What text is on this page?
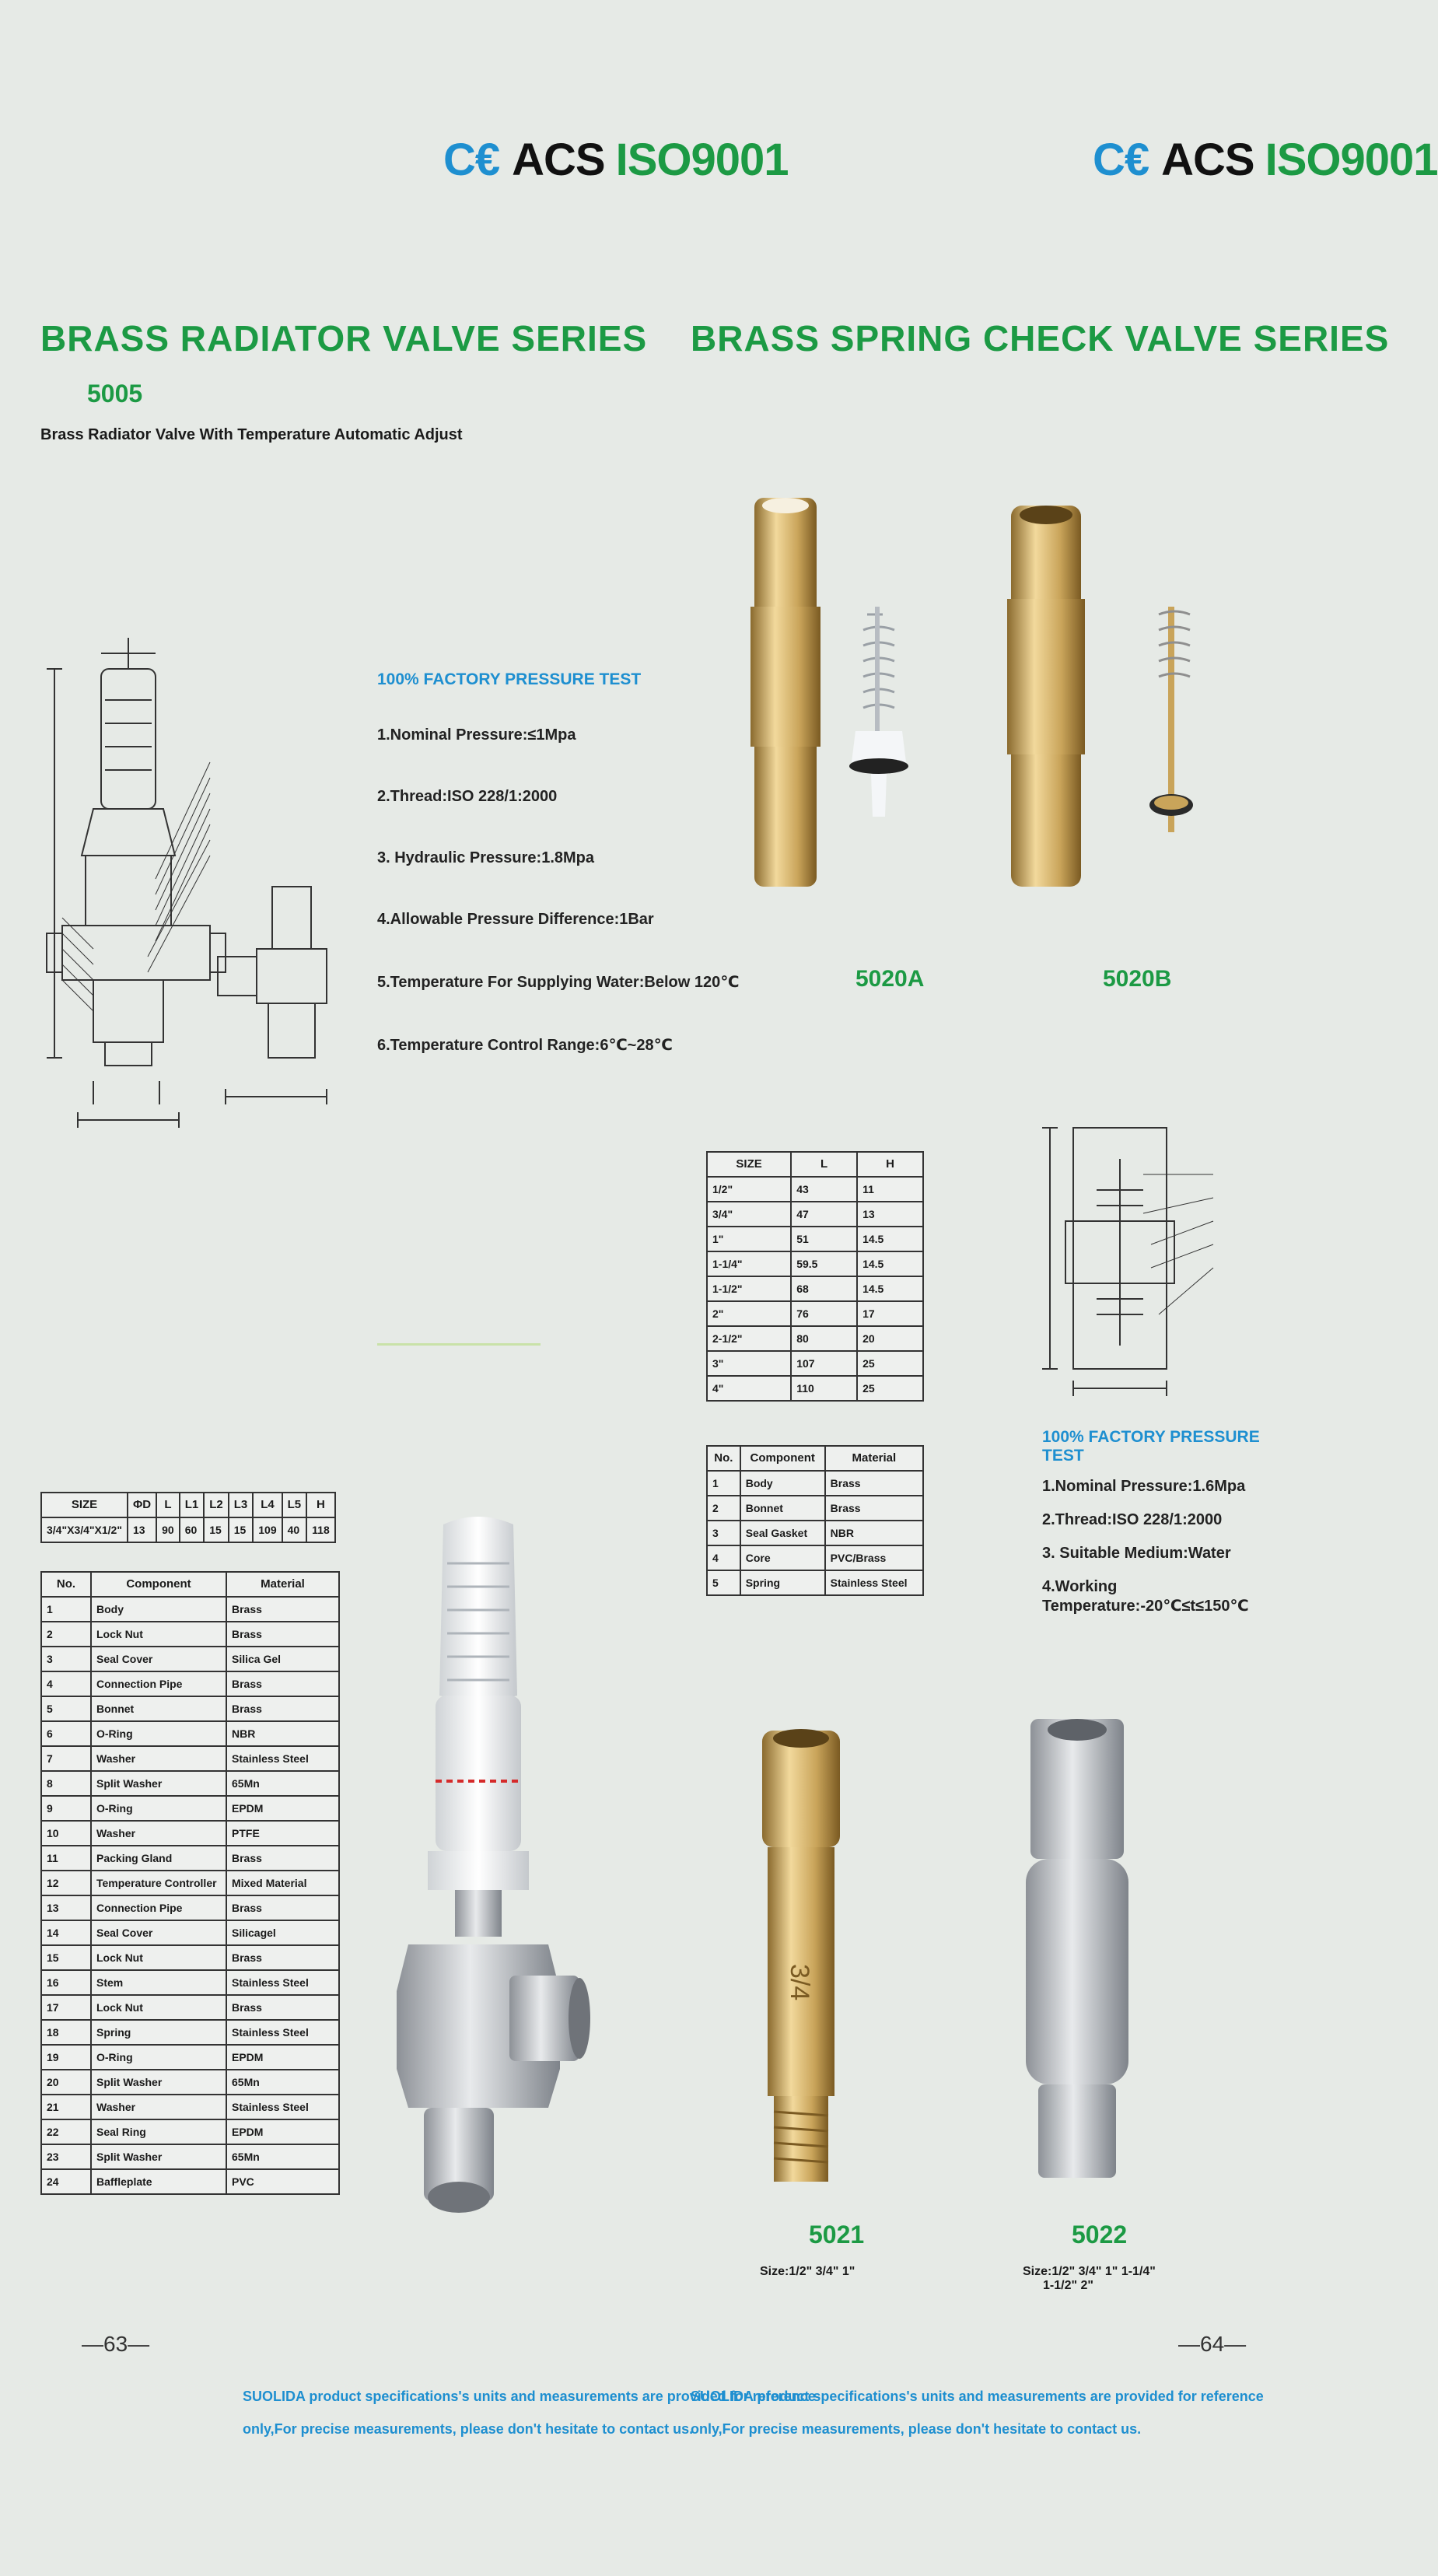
C€ ACS ISO9001	C€ ACS ISO9001
BRASS RADIATOR VALVE SERIES
5005
Brass Radiator Valve With Temperature Automatic Adjust
100% FACTORY PRESSURE TEST
1.Nominal Pressure:≤1Mpa
2.Thread:ISO 228/1:2000
3. Hydraulic Pressure:1.8Mpa
4.Allowable Pressure Difference:1Bar
5.Temperature For Supplying Water:Below 120℃
6.Temperature Control Range:6℃~28℃
SIZE	ΦD	L	L1	L2	L3	L4	L5	H
3/4"X3/4"X1/2"	13	90	60	15	15	109	40	118
No.	Component	Material
1	Body	Brass
2	Lock Nut	Brass
3	Seal Cover	Silica Gel
4	Connection Pipe	Brass
5	Bonnet	Brass
6	O-Ring	NBR
7	Washer	Stainless Steel
8	Split Washer	65Mn
9	O-Ring	EPDM
10	Washer	PTFE
11	Packing Gland	Brass
12	Temperature Controller	Mixed Material
13	Connection Pipe	Brass
14	Seal Cover	Silicagel
15	Lock Nut	Brass
16	Stem	Stainless Steel
17	Lock Nut	Brass
18	Spring	Stainless Steel
19	O-Ring	EPDM
20	Split Washer	65Mn
21	Washer	Stainless Steel
22	Seal Ring	EPDM
23	Split Washer	65Mn
24	Baffleplate	PVC
—63—
SUOLIDA product specifications's units and measurements are provided for reference
only,For precise measurements, please don't hesitate to contact us.
BRASS SPRING CHECK VALVE SERIES
5020A	5020B
SIZE	L	H
1/2"	43	11
3/4"	47	13
1"	51	14.5
1-1/4"	59.5	14.5
1-1/2"	68	14.5
2"	76	17
2-1/2"	80	20
3"	107	25
4"	110	25
No.	Component	Material
1	Body	Brass
2	Bonnet	Brass
3	Seal Gasket	NBR
4	Core	PVC/Brass
5	Spring	Stainless Steel
100% FACTORY PRESSURE TEST
1.Nominal Pressure:1.6Mpa
2.Thread:ISO 228/1:2000
3. Suitable Medium:Water
4.Working Temperature:-20℃≤t≤150℃
3/4
5021
Size:1/2" 3/4" 1"
5022
Size:1/2" 3/4" 1" 1-1/4"
1-1/2" 2"
—64—
SUOLIDA product specifications's units and measurements are provided for reference
only,For precise measurements, please don't hesitate to contact us.
